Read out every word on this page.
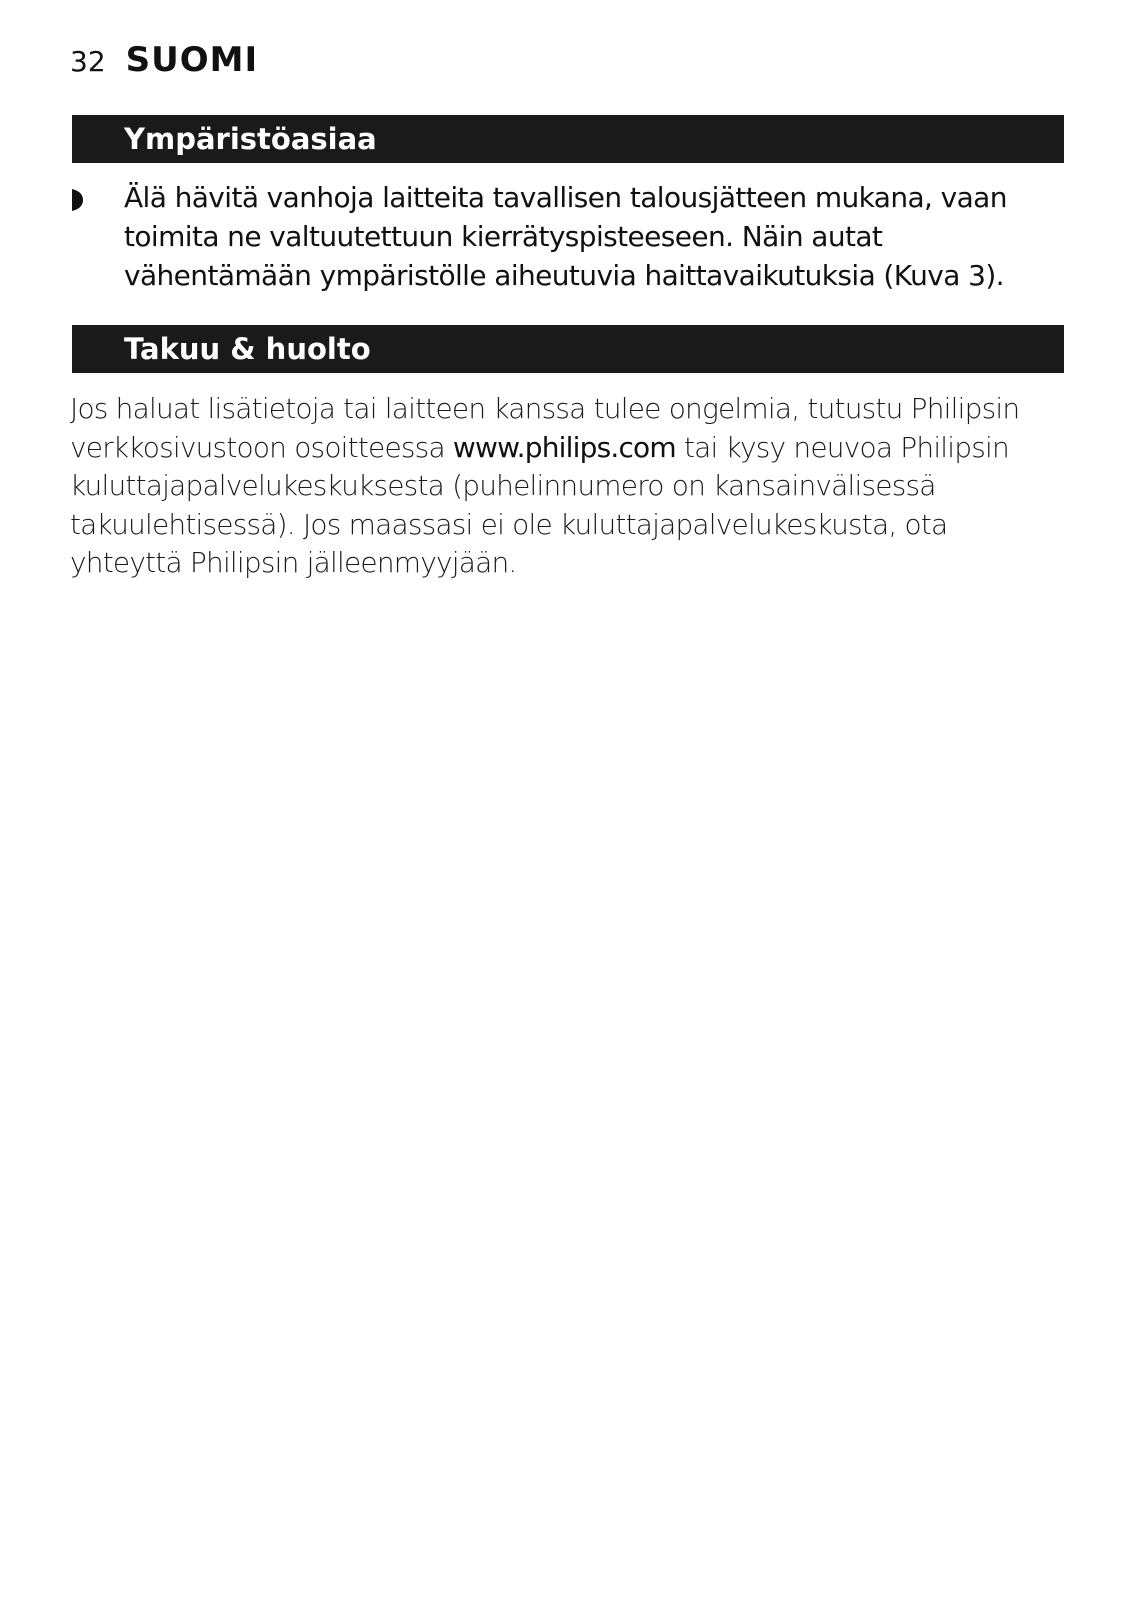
32 SUOMI
Ympäristöasiaa
Älä hävitä vanhoja laitteita tavallisen talousjätteen mukana, vaan toimita ne valtuutettuun kierrätyspisteeseen. Näin autat vähentämään ympäristölle aiheutuvia haittavaikutuksia (Kuva 3).
Takuu & huolto

Jos haluat lisätietoja tai laitteen kanssa tulee ongelmia, tutustu Philipsin verkkosivustoon osoitteessa www.philips.com tai kysy neuvoa Philipsin kuluttajapalvelukeskuksesta (puhelinnumero on kansainvälisessä takuulehtisessä). Jos maassasi ei ole kuluttajapalvelukeskusta, ota yhteyttä Philipsin jälleenmyyjään.
